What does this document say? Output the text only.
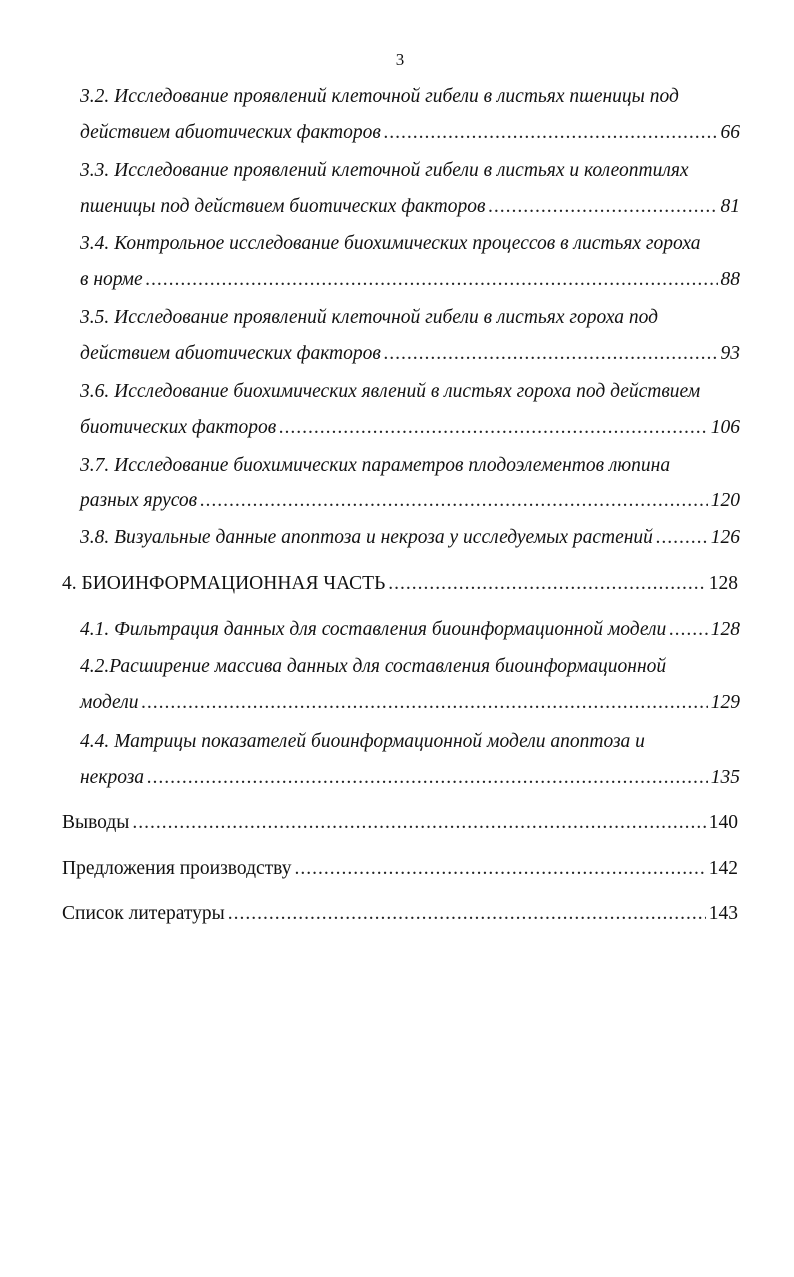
3
3.2. Исследование проявлений клеточной гибели в листьях пшеницы под
действием абиотических факторов .....	66
3.3. Исследование проявлений клеточной гибели в листьях и колеоптилях
пшеницы под действием биотических факторов .....	81
3.4. Контрольное исследование биохимических процессов в листьях гороха
в норме .....	88
3.5. Исследование проявлений клеточной гибели в листьях гороха под
действием абиотических факторов .....	93
3.6. Исследование биохимических явлений в листьях гороха под действием
биотических факторов .....	106
3.7. Исследование биохимических параметров плодоэлементов люпина
разных ярусов .....	120
3.8. Визуальные данные апоптоза и некроза у исследуемых растений .....	126
4. БИОИНФОРМАЦИОННАЯ ЧАСТЬ .....	128
4.1. Фильтрация данных для составления биоинформационной модели ..... 128
4.2.Расширение массива данных для составления биоинформационной
модели .....	129
4.4. Матрицы показателей биоинформационной модели апоптоза и
некроза .....	135
Выводы .....	140
Предложения производству .....	142
Список литературы .....	143
